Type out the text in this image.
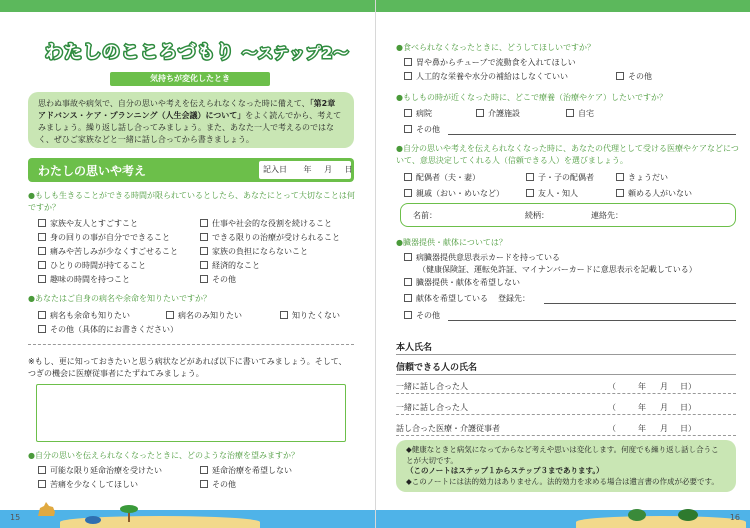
わたしのこころづもり 〜ステップ2〜
気持ちが変化したとき
思わぬ事故や病気で、自分の思いや考えを伝えられなくなった時に備えて、「第2章 アドバンス・ケア・プランニング（人生会議）について」をよく読んでから、考えてみましょう。繰り返し話し合ってみましょう。また、あなた一人で考えるのではなく、ぜひご家族などと一緒に話し合ってから書きましょう。
わたしの思いや考え	記入日 年 月 日
●もしも生きることができる時間が限られているとしたら、あなたにとって大切なことは何ですか？
家族や友人とすごすこと	仕事や社会的な役割を続けること
身の回りの事が自分でできること	できる限りの治療が受けられること
痛みや苦しみが少なくすごせること	家族の負担にならないこと
ひとりの時間が持てること	経済的なこと
趣味の時間を持つこと	その他
●あなたはご自身の病名や余命を知りたいですか？
病名も余命も知りたい	病名のみ知りたい	知りたくない
その他（具体的にお書きください）
※もし、更に知っておきたいと思う病状などがあれば以下に書いてみましょう。そして、つぎの機会に医療従事者にたずねてみましょう。
●自分の思いを伝えられなくなったときに、どのような治療を望みますか？
可能な限り延命治療を受けたい	延命治療を希望しない
苦痛を少なくしてほしい	その他
15
●食べられなくなったときに、どうしてほしいですか？
胃や鼻からチューブで流動食を入れてほしい
人工的な栄養や水分の補給はしなくていい	その他
●もしもの時が近くなった時に、どこで療養（治療やケア）したいですか？
病院	介護施設	自宅
その他
●自分の思いや考えを伝えられなくなった時に、あなたの代理として受ける医療やケアなどについて、意思決定してくれる人（信頼できる人）を選びましょう。
配偶者（夫・妻）	子・子の配偶者	きょうだい
親戚（おい・めいなど）	友人・知人	頼める人がいない
名前：	続柄：	連絡先：
●臓器提供・献体については？
病臓器提供意思表示カードを持っている
（健康保険証、運転免許証、マイナンバーカードに意思表示を記載している）
臓器提供・献体を希望しない
献体を希望している 登録先：
その他
本人氏名
信頼できる人の氏名
一緒に話し合った人	（	年 月 日）
一緒に話し合った人	（	年 月 日）
話し合った医療・介護従事者	（	年 月 日）
◆健康なときと病気になってからなど考えや思いは変化します。何度でも繰り返し話し合うことが大切です。
（このノートはステップ１からステップ３まであります。）
◆このノートには法的効力はありません。法的効力を求める場合は遺言書の作成が必要です。
16
